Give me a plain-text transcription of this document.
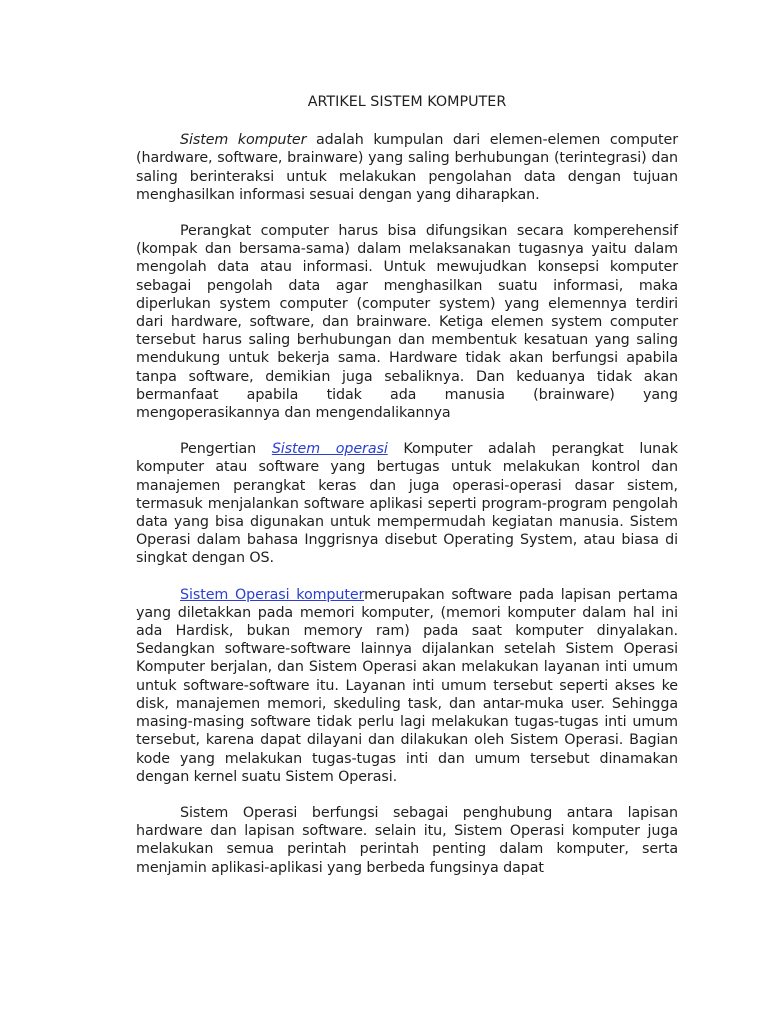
ARTIKEL SISTEM KOMPUTER

Sistem komputer adalah kumpulan dari elemen-elemen computer (hardware, software, brainware) yang saling berhubungan (terintegrasi) dan saling berinteraksi untuk melakukan pengolahan data dengan tujuan menghasilkan informasi sesuai dengan yang diharapkan.

Perangkat computer harus bisa difungsikan secara komperehensif (kompak dan bersama-sama) dalam melaksanakan tugasnya yaitu dalam mengolah data atau informasi. Untuk mewujudkan konsepsi komputer sebagai pengolah data agar menghasilkan suatu informasi, maka diperlukan system computer (computer system) yang elemennya terdiri dari hardware, software, dan brainware. Ketiga elemen system computer tersebut harus saling berhubungan dan membentuk kesatuan yang saling mendukung untuk bekerja sama. Hardware tidak akan berfungsi apabila tanpa software, demikian juga sebaliknya. Dan keduanya tidak akan bermanfaat apabila tidak ada manusia (brainware) yang mengoperasikannya dan mengendalikannya

Pengertian Sistem operasi Komputer adalah perangkat lunak komputer atau software yang bertugas untuk melakukan kontrol dan manajemen perangkat keras dan juga operasi-operasi dasar sistem, termasuk menjalankan software aplikasi seperti program-program pengolah data yang bisa digunakan untuk mempermudah kegiatan manusia. Sistem Operasi dalam bahasa Inggrisnya disebut Operating System, atau biasa di singkat dengan OS.

Sistem Operasi komputermerupakan software pada lapisan pertama yang diletakkan pada memori komputer, (memori komputer dalam hal ini ada Hardisk, bukan memory ram) pada saat komputer dinyalakan. Sedangkan software-software lainnya dijalankan setelah Sistem Operasi Komputer berjalan, dan Sistem Operasi akan melakukan layanan inti umum untuk software-software itu. Layanan inti umum tersebut seperti akses ke disk, manajemen memori, skeduling task, dan antar-muka user. Sehingga masing-masing software tidak perlu lagi melakukan tugas-tugas inti umum tersebut, karena dapat dilayani dan dilakukan oleh Sistem Operasi. Bagian kode yang melakukan tugas-tugas inti dan umum tersebut dinamakan dengan kernel suatu Sistem Operasi.

Sistem Operasi berfungsi sebagai penghubung antara lapisan hardware dan lapisan software. selain itu, Sistem Operasi komputer juga melakukan semua perintah perintah penting dalam komputer, serta menjamin aplikasi-aplikasi yang berbeda fungsinya dapat
